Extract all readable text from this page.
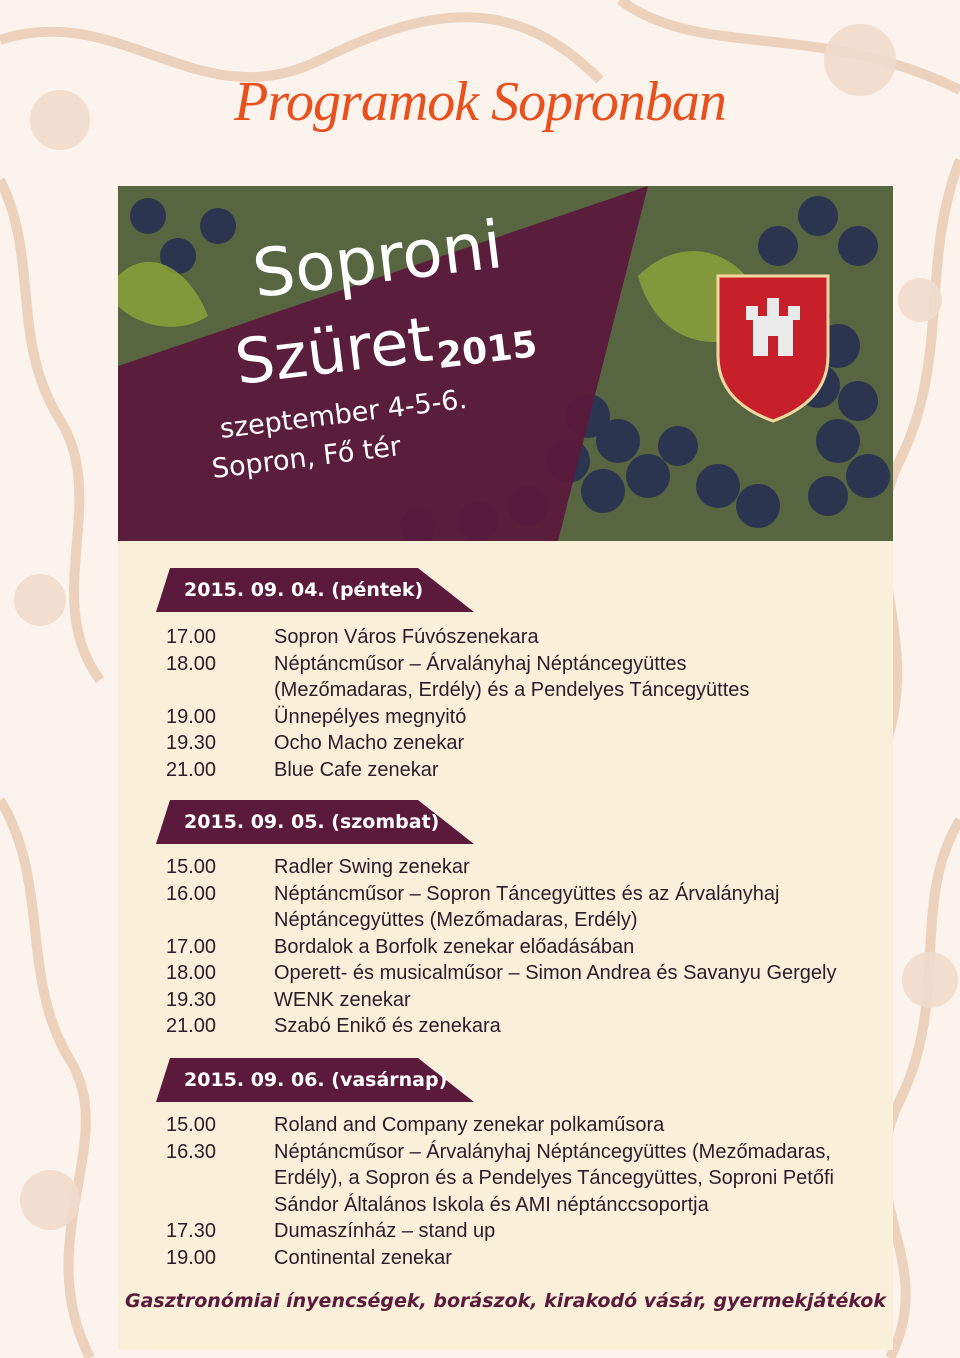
Programok Sopronban
Soproni
Szüret
2015
szeptember 4-5-6.
Sopron, Fő tér
2015. 09. 04. (péntek)
17.00	Sopron Város Fúvószenekara
18.00	Néptáncműsor – Árvalányhaj Néptáncegyüttes (Mezőmadaras, Erdély) és a Pendelyes Táncegyüttes
19.00	Ünnepélyes megnyitó
19.30	Ocho Macho zenekar
21.00	Blue Cafe zenekar
2015. 09. 05. (szombat)
15.00	Radler Swing zenekar
16.00	Néptáncműsor – Sopron Táncegyüttes és az Árvalányhaj Néptáncegyüttes (Mezőmadaras, Erdély)
17.00	Bordalok a Borfolk zenekar előadásában
18.00	Operett- és musicalműsor – Simon Andrea és Savanyu Gergely
19.30	WENK zenekar
21.00	Szabó Enikő és zenekara
2015. 09. 06. (vasárnap)
15.00	Roland and Company zenekar polkaműsora
16.30	Néptáncműsor – Árvalányhaj Néptáncegyüttes (Mezőmadaras, Erdély), a Sopron és a Pendelyes Táncegyüttes, Soproni Petőfi Sándor Általános Iskola és AMI néptánccsoportja
17.30	Dumaszínház – stand up
19.00	Continental zenekar
Gasztronómiai ínyencségek, borászok, kirakodó vásár, gyermekjátékok
